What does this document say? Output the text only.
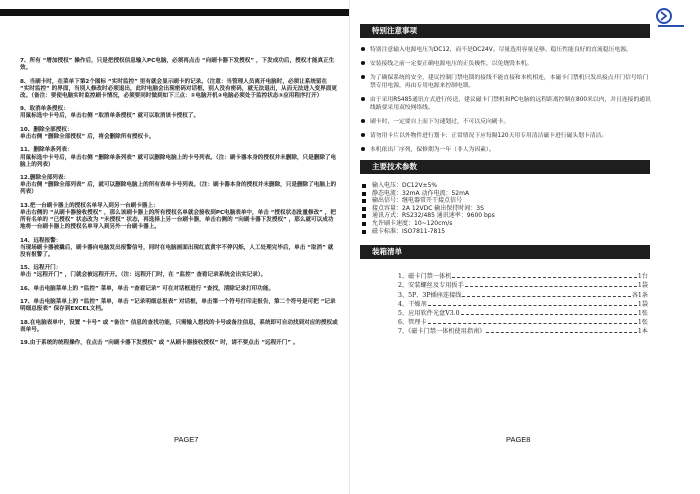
7、所有 “增加授权” 操作后，只是把授权信息输入PC电脑，必须再点击 “向刷卡器下发授权” ，下发成功后，授权才能真正生效。

8、当刷卡时，在菜单下第2个图标 “实时监控” 里有就会显示刷卡的记录。（注意：当管理人员离开电脑时，必须让系统留在 “实时监控” 的界面，当别人修改时必须退出，此时电脑会出现密码对话框，别人没有密码，就无法退出，从而无法进入变界面更改。（备注：要使电脑实时监控刷卡情况，必须要同时做到如下三点：①电脑开机②电脑必须处于监控状态③应用程序打开）

9、取消单条授权：
用鼠标选中卡号后，单击右侧 “取消单条授权” 就可以取消该卡授权了。

10、删除全部授权：
单击右侧 “删除全部授权” 后，将会删除所有授权卡。

11、删除单条列表：
用鼠标选中卡号后，单击右侧 “删除单条列表” 就可以删除电脑上的卡号列表。（注：刷卡器本身的授权并未删除，只是删除了电脑上的列表）

12.删除全部列表：
单击右侧 “删除全部列表” 后，就可以删除电脑上的所有表单卡号列表。（注：刷卡器本身的授权并未删除，只是删除了电脑上的列表）

13.把一台刷卡器上的授权名单导入到另一台刷卡器上：
单击右侧的 “从刷卡器接收授权” ，那么该刷卡器上的所有授权名单就会接收到PC电脑表单中，单击 “授权状态批量修改” ，把所有名单的 “已授权” 状态改为 “未授权” 状态，再选择上另一台刷卡器，单击右侧的 “向刷卡器下发授权” ，那么就可以成功地将一台刷卡器上的授权名单导入到另外一台刷卡器上。

14、远程报警：
当现场刷卡器被撬后，刷卡器向电脑发出报警信号，同时在电脑画面出现红底黄字不停闪烁，人工处理完毕后，单击 “取消” 就没有报警了。

15、远程开门：
单击 “远程开门” ，门就会被远程开开。（注：远程开门时，在 “监控” 查看记录系统会出实记录）。

16、单击电脑菜单上的 “监控” 菜单，单击 “查看记录” 可在对话框进行 “查找，清除记录打印功能。

17、单击电脑菜单上的 “监控” 菜单，单击 “记录明细总报表” 对话框，单击第一个符号打印走报告，第二个符号是可把 “记录明细总报表” 保存到EXCEL文档。

18.在电脑表单中，设置 “卡号” 或 “备注” 信息的查找功能，只需输入想找的卡号或备注信息，系统即可自动找到对应的授权或表单号。

19.由于系统的统程操作，在点击 “向刷卡器下发授权” 或 “从刷卡器接收授权” 时，请不要点击 “远程开门” 。

PAGE7
特别注意事项
特别注意输入电源电压为DC12，而不是DC24V。尽量选用容量足够、稳压性能良好的直流稳压电源。
安装接线之前一定要正确电源电压的正负极性，以免烧毁本机。
为了确保系统的安全，建议控制门禁电锁的接线不能直接和本机相连，本磁卡门禁机只发出接点开门信号给门禁专用电源，再由专用电源来控制电锁。
由于采用RS485通讯方式进行传送，建议磁卡门禁机和PC电脑的远程距离控制在800米以内，并且连接的通讯线路要采用双绞网络线。
刷卡时，一定要自上而下匀速划过，不可以反向刷卡。
请勿用卡片以外物件进行划卡：正常情况下应每隔120天用专用清洁磁卡进行磁头划卡清洁。
本机依出厂序列，保修期为一年（非人为因素）。
主要技术参数
输入电压：DC12V±5%
静态电流：32mA 动作电流：52mA
输出信号：继电器常开干接点信号
接点容量：2A 12VDC 输出保持时间：3S
通讯方式：RS232/485 通讯速率：9600 bps
允许刷卡速度：10~120cm/s
磁卡标准：ISO7811-7815
装箱清单
1、磁卡门禁一体机	1台
2、安装螺丝及专用扳手	1袋
3、5P、3P插座连接线	各1条
4、干燥剂	1袋
5、应用软件光盘V3.0	1张
6、管理卡	1张
7、《磁卡门禁一体机使用指南》	1本
PAGE8
